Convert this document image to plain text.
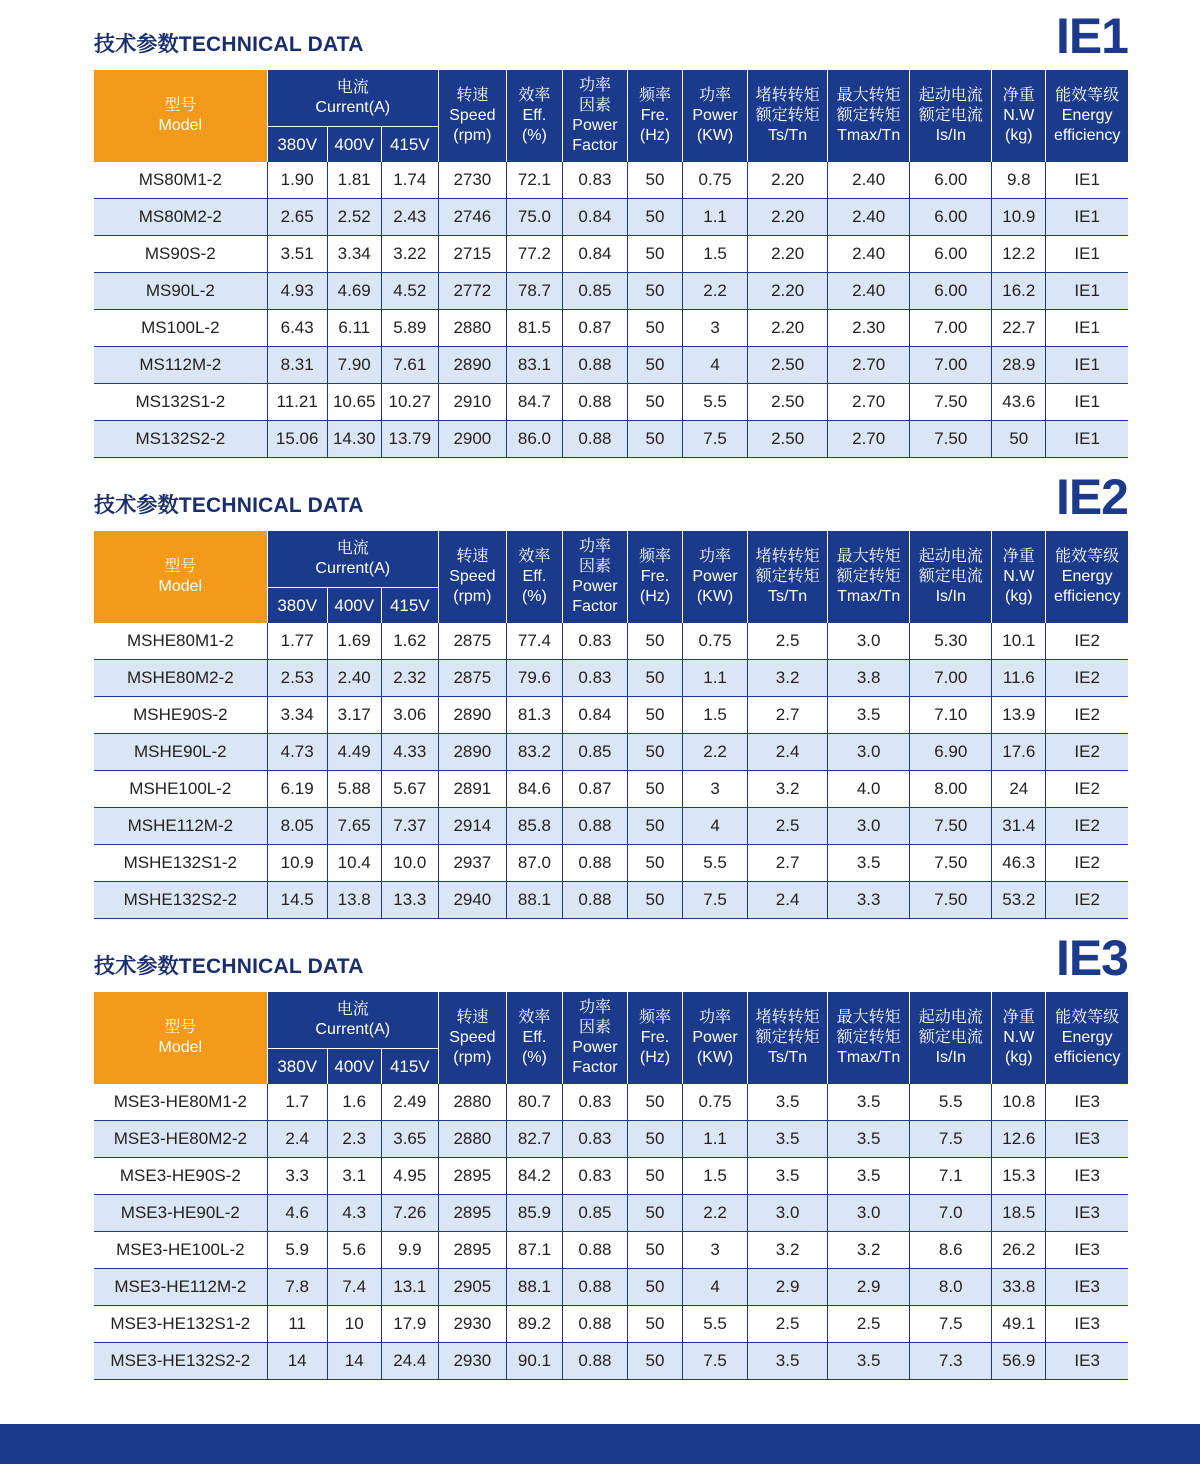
技术参数TECHNICAL DATA	IE1
型号
Model	电流
Current(A)			转速
Speed
(rpm)	效率
Eff.
(%)	功率
因素
Power
Factor	频率
Fre.
(Hz)	功率
Power
(KW)	堵转转矩
额定转矩
Ts/Tn	最大转矩
额定转矩
Tmax/Tn	起动电流
额定电流
Is/In	净重
N.W
(kg)	能效等级
Energy
efficiency
	380V	400V	415V										
MS80M1-2	1.90	1.81	1.74	2730	72.1	0.83	50	0.75	2.20	2.40	6.00	9.8	IE1
MS80M2-2	2.65	2.52	2.43	2746	75.0	0.84	50	1.1	2.20	2.40	6.00	10.9	IE1
MS90S-2	3.51	3.34	3.22	2715	77.2	0.84	50	1.5	2.20	2.40	6.00	12.2	IE1
MS90L-2	4.93	4.69	4.52	2772	78.7	0.85	50	2.2	2.20	2.40	6.00	16.2	IE1
MS100L-2	6.43	6.11	5.89	2880	81.5	0.87	50	3	2.20	2.30	7.00	22.7	IE1
MS112M-2	8.31	7.90	7.61	2890	83.1	0.88	50	4	2.50	2.70	7.00	28.9	IE1
MS132S1-2	11.21	10.65	10.27	2910	84.7	0.88	50	5.5	2.50	2.70	7.50	43.6	IE1
MS132S2-2	15.06	14.30	13.79	2900	86.0	0.88	50	7.5	2.50	2.70	7.50	50	IE1
技术参数TECHNICAL DATA	IE2
型号
Model	电流
Current(A)			转速
Speed
(rpm)	效率
Eff.
(%)	功率
因素
Power
Factor	频率
Fre.
(Hz)	功率
Power
(KW)	堵转转矩
额定转矩
Ts/Tn	最大转矩
额定转矩
Tmax/Tn	起动电流
额定电流
Is/In	净重
N.W
(kg)	能效等级
Energy
efficiency
	380V	400V	415V										
MSHE80M1-2	1.77	1.69	1.62	2875	77.4	0.83	50	0.75	2.5	3.0	5.30	10.1	IE2
MSHE80M2-2	2.53	2.40	2.32	2875	79.6	0.83	50	1.1	3.2	3.8	7.00	11.6	IE2
MSHE90S-2	3.34	3.17	3.06	2890	81.3	0.84	50	1.5	2.7	3.5	7.10	13.9	IE2
MSHE90L-2	4.73	4.49	4.33	2890	83.2	0.85	50	2.2	2.4	3.0	6.90	17.6	IE2
MSHE100L-2	6.19	5.88	5.67	2891	84.6	0.87	50	3	3.2	4.0	8.00	24	IE2
MSHE112M-2	8.05	7.65	7.37	2914	85.8	0.88	50	4	2.5	3.0	7.50	31.4	IE2
MSHE132S1-2	10.9	10.4	10.0	2937	87.0	0.88	50	5.5	2.7	3.5	7.50	46.3	IE2
MSHE132S2-2	14.5	13.8	13.3	2940	88.1	0.88	50	7.5	2.4	3.3	7.50	53.2	IE2
技术参数TECHNICAL DATA	IE3
型号
Model	电流
Current(A)			转速
Speed
(rpm)	效率
Eff.
(%)	功率
因素
Power
Factor	频率
Fre.
(Hz)	功率
Power
(KW)	堵转转矩
额定转矩
Ts/Tn	最大转矩
额定转矩
Tmax/Tn	起动电流
额定电流
Is/In	净重
N.W
(kg)	能效等级
Energy
efficiency
	380V	400V	415V										
MSE3-HE80M1-2	1.7	1.6	2.49	2880	80.7	0.83	50	0.75	3.5	3.5	5.5	10.8	IE3
MSE3-HE80M2-2	2.4	2.3	3.65	2880	82.7	0.83	50	1.1	3.5	3.5	7.5	12.6	IE3
MSE3-HE90S-2	3.3	3.1	4.95	2895	84.2	0.83	50	1.5	3.5	3.5	7.1	15.3	IE3
MSE3-HE90L-2	4.6	4.3	7.26	2895	85.9	0.85	50	2.2	3.0	3.0	7.0	18.5	IE3
MSE3-HE100L-2	5.9	5.6	9.9	2895	87.1	0.88	50	3	3.2	3.2	8.6	26.2	IE3
MSE3-HE112M-2	7.8	7.4	13.1	2905	88.1	0.88	50	4	2.9	2.9	8.0	33.8	IE3
MSE3-HE132S1-2	11	10	17.9	2930	89.2	0.88	50	5.5	2.5	2.5	7.5	49.1	IE3
MSE3-HE132S2-2	14	14	24.4	2930	90.1	0.88	50	7.5	3.5	3.5	7.3	56.9	IE3
